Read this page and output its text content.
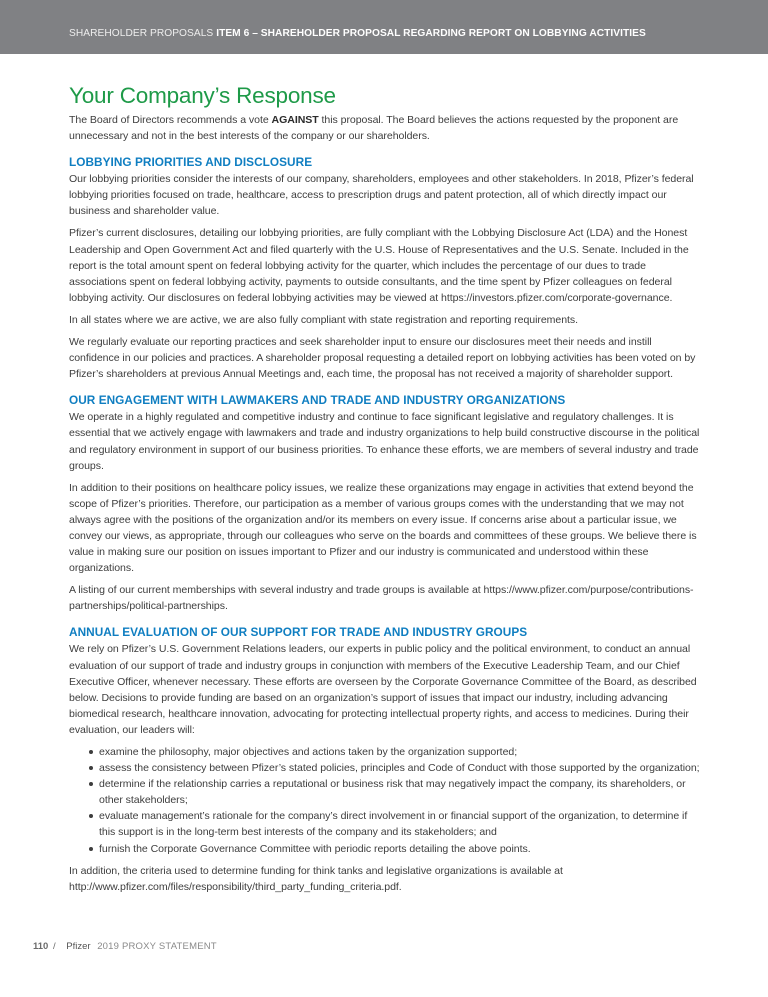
SHAREHOLDER PROPOSALS ITEM 6 – SHAREHOLDER PROPOSAL REGARDING REPORT ON LOBBYING ACTIVITIES
Your Company’s Response

The Board of Directors recommends a vote AGAINST this proposal. The Board believes the actions requested by the proponent are unnecessary and not in the best interests of the company or our shareholders.

LOBBYING PRIORITIES AND DISCLOSURE

Our lobbying priorities consider the interests of our company, shareholders, employees and other stakeholders. In 2018, Pfizer’s federal lobbying priorities focused on trade, healthcare, access to prescription drugs and patent protection, all of which directly impact our business and shareholder value.

Pfizer’s current disclosures, detailing our lobbying priorities, are fully compliant with the Lobbying Disclosure Act (LDA) and the Honest Leadership and Open Government Act and filed quarterly with the U.S. House of Representatives and the U.S. Senate. Included in the report is the total amount spent on federal lobbying activity for the quarter, which includes the percentage of our dues to trade associations spent on federal lobbying activity, payments to outside consultants, and the time spent by Pfizer colleagues on federal lobbying activity. Our disclosures on federal lobbying activities may be viewed at https://investors.pfizer.com/corporate-governance.

In all states where we are active, we are also fully compliant with state registration and reporting requirements.

We regularly evaluate our reporting practices and seek shareholder input to ensure our disclosures meet their needs and instill confidence in our policies and practices. A shareholder proposal requesting a detailed report on lobbying activities has been voted on by Pfizer’s shareholders at previous Annual Meetings and, each time, the proposal has not received a majority of shareholder support.

OUR ENGAGEMENT WITH LAWMAKERS AND TRADE AND INDUSTRY ORGANIZATIONS

We operate in a highly regulated and competitive industry and continue to face significant legislative and regulatory challenges. It is essential that we actively engage with lawmakers and trade and industry organizations to help build constructive discourse in the political and regulatory environment in support of our business priorities. To enhance these efforts, we are members of several industry and trade groups.

In addition to their positions on healthcare policy issues, we realize these organizations may engage in activities that extend beyond the scope of Pfizer’s priorities. Therefore, our participation as a member of various groups comes with the understanding that we may not always agree with the positions of the organization and/or its members on every issue. If concerns arise about a particular issue, we convey our views, as appropriate, through our colleagues who serve on the boards and committees of these groups. We believe there is value in making sure our position on issues important to Pfizer and our industry is communicated and understood within these organizations.

A listing of our current memberships with several industry and trade groups is available at https://www.pfizer.com/purpose/contributions-partnerships/political-partnerships.

ANNUAL EVALUATION OF OUR SUPPORT FOR TRADE AND INDUSTRY GROUPS

We rely on Pfizer’s U.S. Government Relations leaders, our experts in public policy and the political environment, to conduct an annual evaluation of our support of trade and industry groups in conjunction with members of the Executive Leadership Team, and our Chief Executive Officer, whenever necessary. These efforts are overseen by the Corporate Governance Committee of the Board, as described below. Decisions to provide funding are based on an organization’s support of issues that impact our industry, including advancing biomedical research, healthcare innovation, advocating for protecting intellectual property rights, and access to medicines. During their evaluation, our leaders will:

examine the philosophy, major objectives and actions taken by the organization supported;
assess the consistency between Pfizer’s stated policies, principles and Code of Conduct with those supported by the organization;
determine if the relationship carries a reputational or business risk that may negatively impact the company, its shareholders, or other stakeholders;
evaluate management’s rationale for the company’s direct involvement in or financial support of the organization, to determine if this support is in the long-term best interests of the company and its stakeholders; and
furnish the Corporate Governance Committee with periodic reports detailing the above points.

In addition, the criteria used to determine funding for think tanks and legislative organizations is available at http://www.pfizer.com/files/responsibility/third_party_funding_criteria.pdf.

110 / Pfizer 2019 PROXY STATEMENT
